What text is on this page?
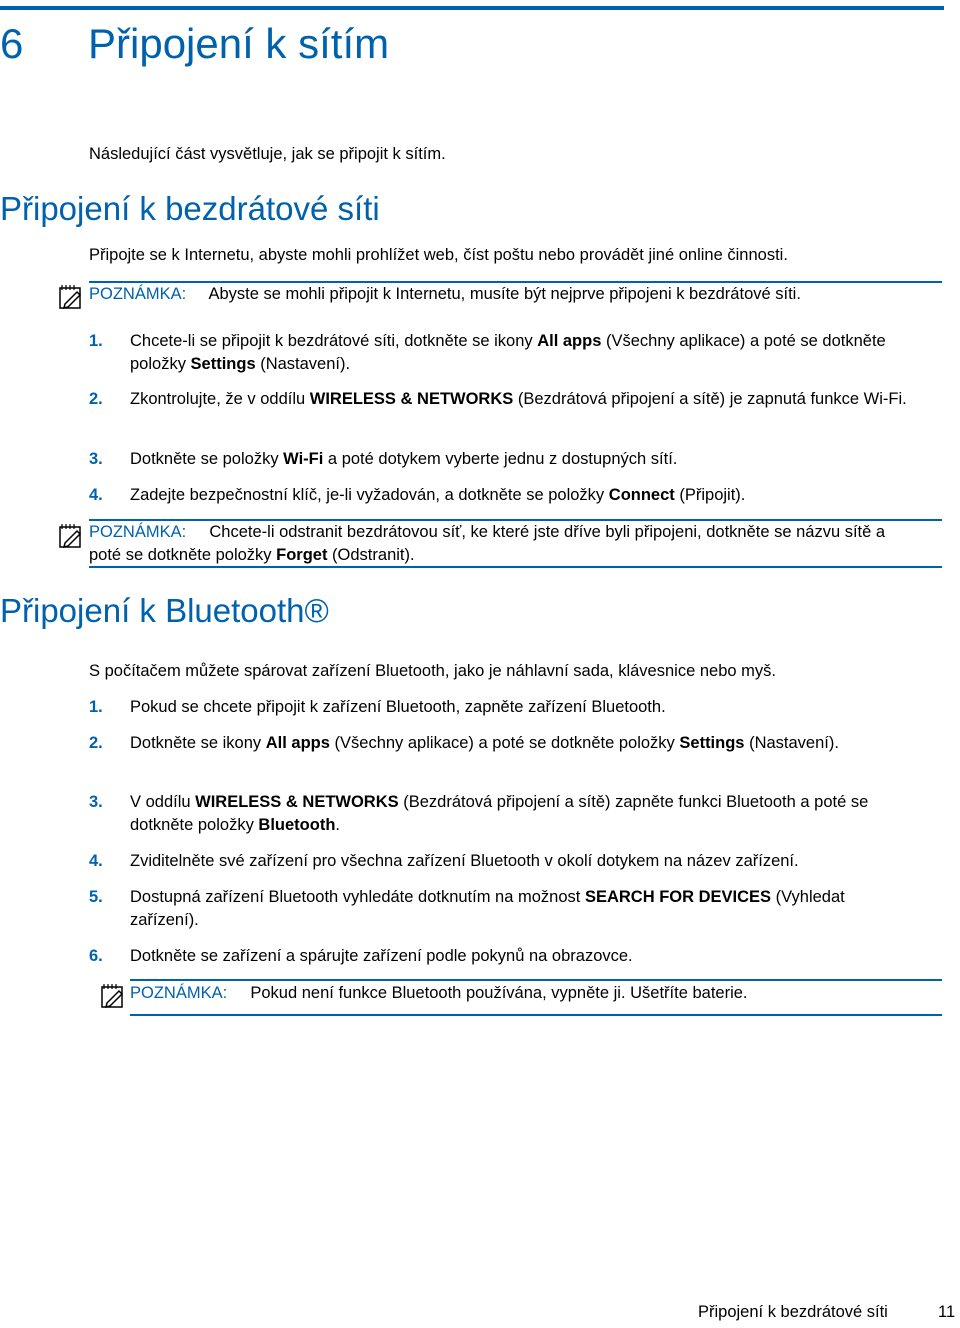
6 Připojení k sítím
Následující část vysvětluje, jak se připojit k sítím.
Připojení k bezdrátové síti
Připojte se k Internetu, abyste mohli prohlížet web, číst poštu nebo provádět jiné online činnosti.
POZNÁMKA: Abyste se mohli připojit k Internetu, musíte být nejprve připojeni k bezdrátové síti.
1.	Chcete-li se připojit k bezdrátové síti, dotkněte se ikony All apps (Všechny aplikace) a poté se dotkněte položky Settings (Nastavení).
2.	Zkontrolujte, že v oddílu WIRELESS & NETWORKS (Bezdrátová připojení a sítě) je zapnutá funkce Wi-Fi.
3.	Dotkněte se položky Wi-Fi a poté dotykem vyberte jednu z dostupných sítí.
4.	Zadejte bezpečnostní klíč, je-li vyžadován, a dotkněte se položky Connect (Připojit).
POZNÁMKA: Chcete-li odstranit bezdrátovou síť, ke které jste dříve byli připojeni, dotkněte se názvu sítě a poté se dotkněte položky Forget (Odstranit).
Připojení k Bluetooth®
S počítačem můžete spárovat zařízení Bluetooth, jako je náhlavní sada, klávesnice nebo myš.
1.	Pokud se chcete připojit k zařízení Bluetooth, zapněte zařízení Bluetooth.
2.	Dotkněte se ikony All apps (Všechny aplikace) a poté se dotkněte položky Settings (Nastavení).
3.	V oddílu WIRELESS & NETWORKS (Bezdrátová připojení a sítě) zapněte funkci Bluetooth a poté se dotkněte položky Bluetooth.
4.	Zviditelněte své zařízení pro všechna zařízení Bluetooth v okolí dotykem na název zařízení.
5.	Dostupná zařízení Bluetooth vyhledáte dotknutím na možnost SEARCH FOR DEVICES (Vyhledat zařízení).
6.	Dotkněte se zařízení a spárujte zařízení podle pokynů na obrazovce.
POZNÁMKA: Pokud není funkce Bluetooth používána, vypněte ji. Ušetříte baterie.
Připojení k bezdrátové síti	11
